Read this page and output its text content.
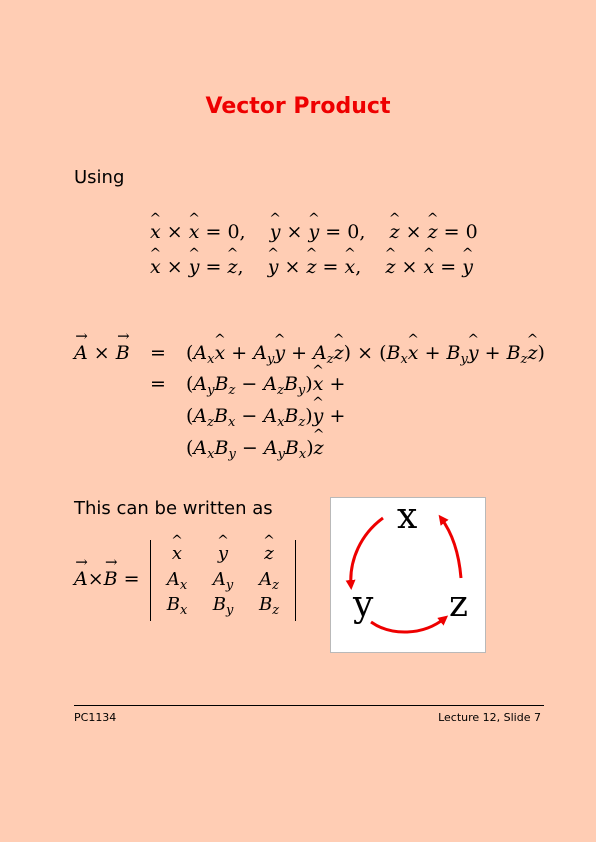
Vector Product
Using
x ^ × x ^ = 0, y ^ × y ^ = 0, z ^ × z ^ = 0
x ^ × y ^ = z ^, y ^ × z ^ = x ^, z ^ × x ^ = y ^
A → × B → =
=
($A_xx$ ^ + $A_yy$ ^ + $A_zz$ ^) × ($B_xx$ ^ + $B_yy$ ^ + $B_zz$ ^)
$(A_yB_z - A_zB_y)x$ ^ +
$(A_zB_x - A_xB_z)y$ ^ +
$(A_xB_y - A_yB_x)z$ ^
This can be written as
A →×B → =
x ^	y ^	z ^
$A_x$	$A_y$	$A_z$
$B_x$	$B_y$	$B_z$
x
y z
PC1134	Lecture 12, Slide 7
